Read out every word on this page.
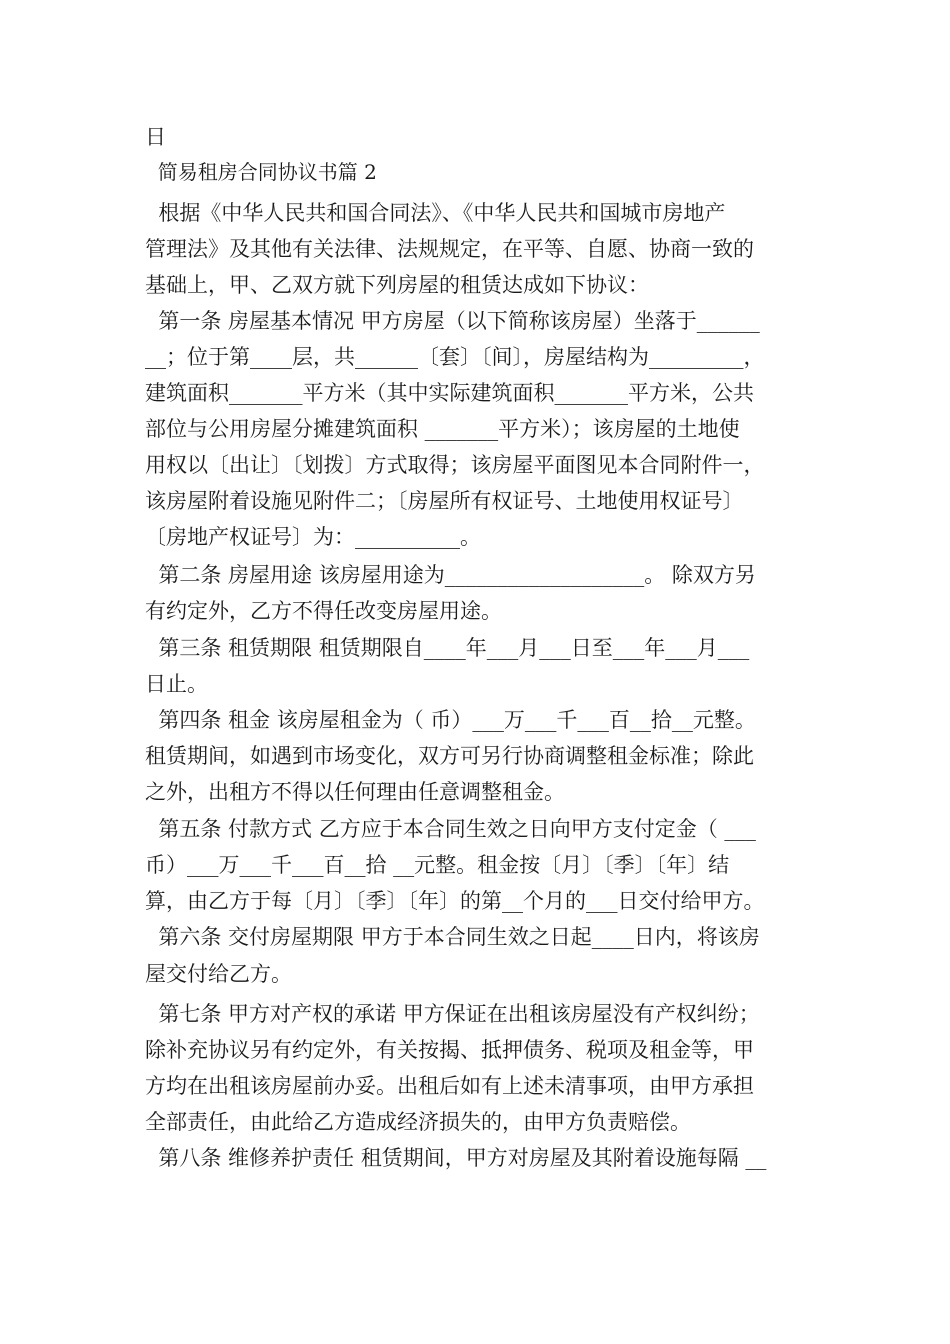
日
简易租房合同协议书篇 2
根据《中华人民共和国合同法》、《中华人民共和国城市房地产
管理法》及其他有关法律、法规规定，在平等、自愿、协商一致的
基础上，甲、乙双方就下列房屋的租赁达成如下协议：
第一条 房屋基本情况 甲方房屋（以下简称该房屋）坐落于______
__；位于第____层，共______〔套〕〔间〕，房屋结构为_________，
建筑面积_______平方米（其中实际建筑面积_______平方米，公共
部位与公用房屋分摊建筑面积 _______平方米）；该房屋的土地使
用权以〔出让〕〔划拨〕方式取得；该房屋平面图见本合同附件一，
该房屋附着设施见附件二；〔房屋所有权证号、土地使用权证号〕
〔房地产权证号〕为：__________。
第二条 房屋用途 该房屋用途为___________________。 除双方另
有约定外，乙方不得任改变房屋用途。
第三条 租赁期限 租赁期限自____年___月___日至___年___月___
日止。
第四条 租金 该房屋租金为（ 币）___万___千___百__拾__元整。
租赁期间，如遇到市场变化，双方可另行协商调整租金标准；除此
之外，出租方不得以任何理由任意调整租金。
第五条 付款方式 乙方应于本合同生效之日向甲方支付定金（ ___
币）___万___千___百__拾 __元整。租金按〔月〕〔季〕〔年〕结
算，由乙方于每〔月〕〔季〕〔年〕的第__个月的___日交付给甲方。
第六条 交付房屋期限 甲方于本合同生效之日起____日内，将该房
屋交付给乙方。
第七条 甲方对产权的承诺 甲方保证在出租该房屋没有产权纠纷；
除补充协议另有约定外，有关按揭、抵押债务、税项及租金等，甲
方均在出租该房屋前办妥。出租后如有上述未清事项，由甲方承担
全部责任，由此给乙方造成经济损失的，由甲方负责赔偿。
第八条 维修养护责任 租赁期间，甲方对房屋及其附着设施每隔 __
